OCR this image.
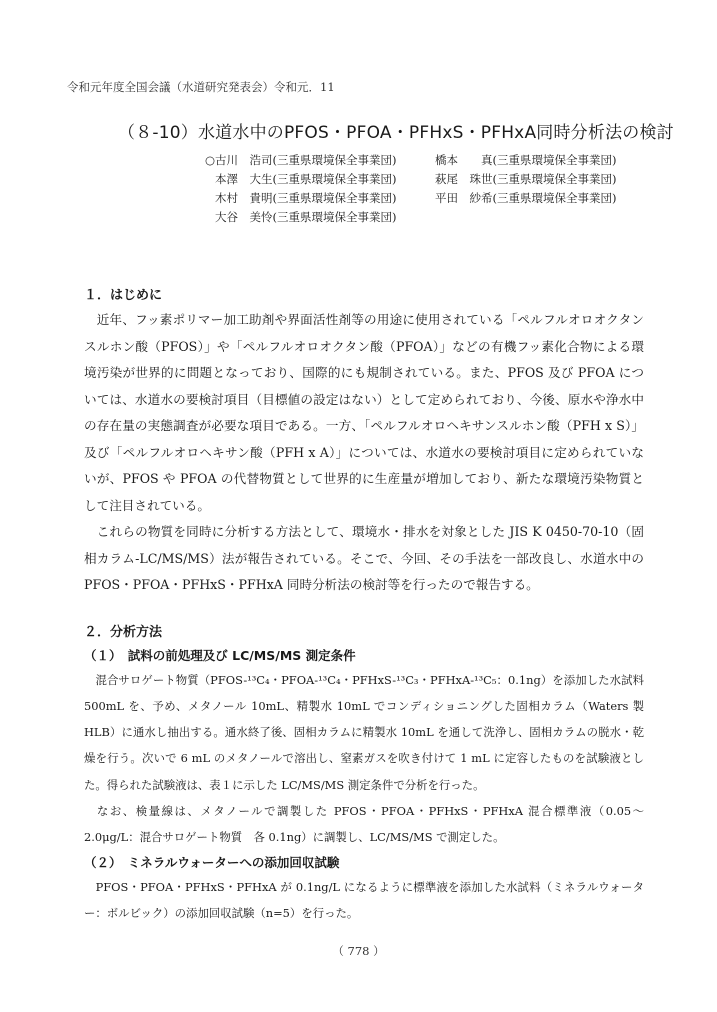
令和元年度全国会議（水道研究発表会）令和元．11
（８-10）水道水中のPFOS・PFOA・PFHxS・PFHxA同時分析法の検討
○古川　浩司(三重県環境保全事業団)	橋本　　真(三重県環境保全事業団)
本澤　大生(三重県環境保全事業団)	萩尾　珠世(三重県環境保全事業団)
木村　貴明(三重県環境保全事業団)	平田　紗希(三重県環境保全事業団)
大谷　美怜(三重県環境保全事業団)
１．はじめに

　近年、フッ素ポリマー加工助剤や界面活性剤等の用途に使用されている「ペルフルオロオクタンスルホン酸（PFOS）」や「ペルフルオロオクタン酸（PFOA）」などの有機フッ素化合物による環境汚染が世界的に問題となっており、国際的にも規制されている。また、PFOS 及び PFOA については、水道水の要検討項目（目標値の設定はない）として定められており、今後、原水や浄水中の存在量の実態調査が必要な項目である。一方、「ペルフルオロヘキサンスルホン酸（PFH x S）」及び「ペルフルオロヘキサン酸（PFH x A）」については、水道水の要検討項目に定められていないが、PFOS や PFOA の代替物質として世界的に生産量が増加しており、新たな環境汚染物質として注目されている。

　これらの物質を同時に分析する方法として、環境水・排水を対象とした JIS K 0450-70-10（固相カラム-LC/MS/MS）法が報告されている。そこで、今回、その手法を一部改良し、水道水中の PFOS・PFOA・PFHxS・PFHxA 同時分析法の検討等を行ったので報告する。

２．分析方法
（１）　試料の前処理及び LC/MS/MS 測定条件

　混合サロゲート物質（PFOS-¹³C₄・PFOA-¹³C₄・PFHxS-¹³C₃・PFHxA-¹³C₅：0.1ng）を添加した水試料 500mL を、予め、メタノール 10mL、精製水 10mL でコンディショニングした固相カラム（Waters 製 HLB）に通水し抽出する。通水終了後、固相カラムに精製水 10mL を通して洗浄し、固相カラムの脱水・乾燥を行う。次いで 6 mL のメタノールで溶出し、窒素ガスを吹き付けて 1 mL に定容したものを試験液とした。得られた試験液は、表１に示した LC/MS/MS 測定条件で分析を行った。

　なお、検量線は、メタノールで調製した PFOS・PFOA・PFHxS・PFHxA 混合標準液（0.05～2.0μg/L：混合サロゲート物質　各 0.1ng）に調製し、LC/MS/MS で測定した。

（２）　ミネラルウォーターへの添加回収試験

　PFOS・PFOA・PFHxS・PFHxA が 0.1ng/L になるように標準液を添加した水試料（ミネラルウォーター：ボルビック）の添加回収試験（n=5）を行った。

（ 778 ）
